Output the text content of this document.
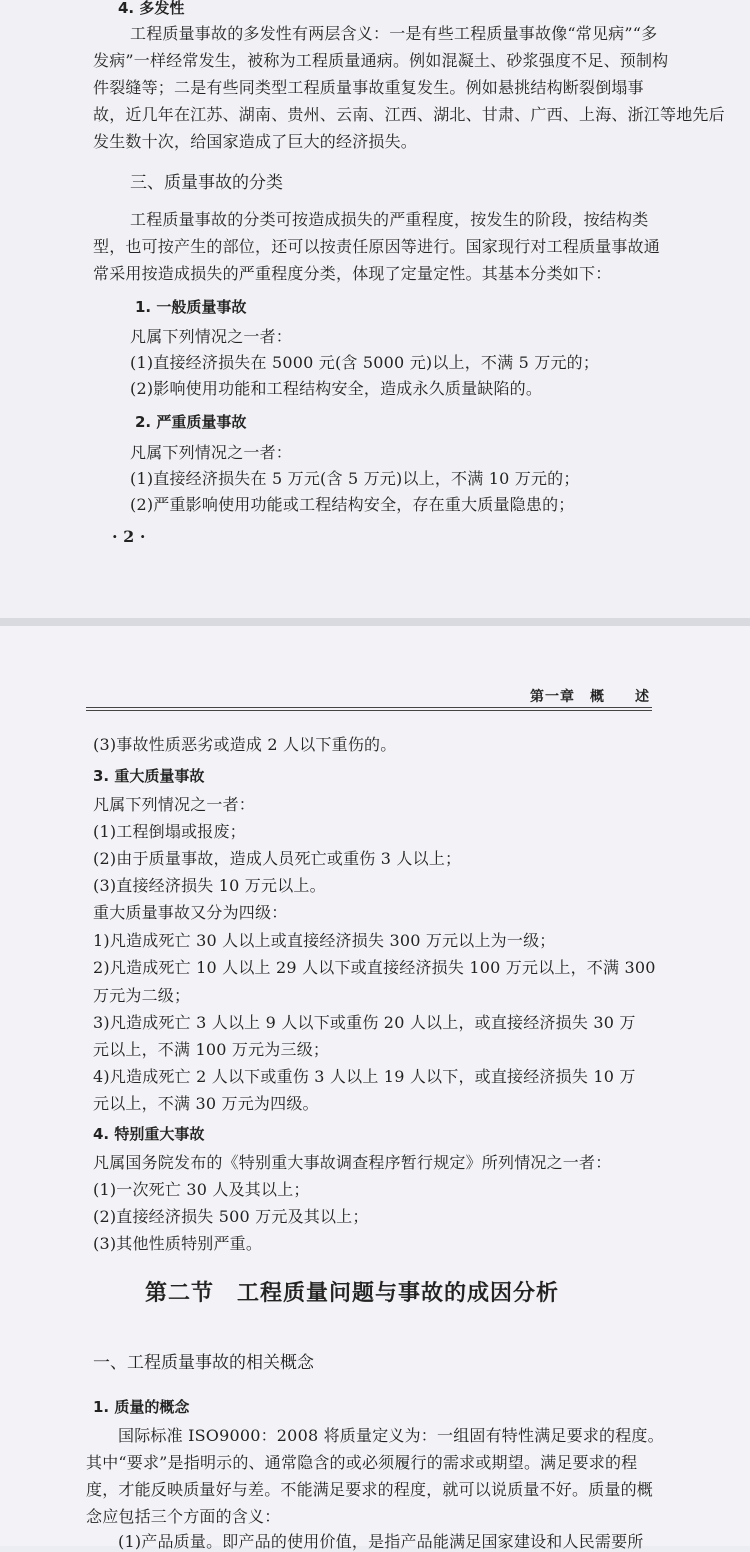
4. 多发性
工程质量事故的多发性有两层含义：一是有些工程质量事故像“常见病”“多
发病”一样经常发生，被称为工程质量通病。例如混凝土、砂浆强度不足、预制构
件裂缝等；二是有些同类型工程质量事故重复发生。例如悬挑结构断裂倒塌事
故，近几年在江苏、湖南、贵州、云南、江西、湖北、甘肃、广西、上海、浙江等地先后
发生数十次，给国家造成了巨大的经济损失。
三、质量事故的分类
工程质量事故的分类可按造成损失的严重程度，按发生的阶段，按结构类
型，也可按产生的部位，还可以按责任原因等进行。国家现行对工程质量事故通
常采用按造成损失的严重程度分类，体现了定量定性。其基本分类如下：
1. 一般质量事故
凡属下列情况之一者：
(1)直接经济损失在 5000 元(含 5000 元)以上，不满 5 万元的；
(2)影响使用功能和工程结构安全，造成永久质量缺陷的。
2. 严重质量事故
凡属下列情况之一者：
(1)直接经济损失在 5 万元(含 5 万元)以上，不满 10 万元的；
(2)严重影响使用功能或工程结构安全，存在重大质量隐患的；
· 2 ·
第一章　概　　述
(3)事故性质恶劣或造成 2 人以下重伤的。
3. 重大质量事故
凡属下列情况之一者：
(1)工程倒塌或报废；
(2)由于质量事故，造成人员死亡或重伤 3 人以上；
(3)直接经济损失 10 万元以上。
重大质量事故又分为四级：
1)凡造成死亡 30 人以上或直接经济损失 300 万元以上为一级；
2)凡造成死亡 10 人以上 29 人以下或直接经济损失 100 万元以上，不满 300
万元为二级；
3)凡造成死亡 3 人以上 9 人以下或重伤 20 人以上，或直接经济损失 30 万
元以上，不满 100 万元为三级；
4)凡造成死亡 2 人以下或重伤 3 人以上 19 人以下，或直接经济损失 10 万
元以上，不满 30 万元为四级。
4. 特别重大事故
凡属国务院发布的《特别重大事故调查程序暂行规定》所列情况之一者：
(1)一次死亡 30 人及其以上；
(2)直接经济损失 500 万元及其以上；
(3)其他性质特别严重。
第二节　工程质量问题与事故的成因分析
一、工程质量事故的相关概念
1. 质量的概念
国际标准 ISO9000：2008 将质量定义为：一组固有特性满足要求的程度。
其中“要求”是指明示的、通常隐含的或必须履行的需求或期望。满足要求的程
度，才能反映质量好与差。不能满足要求的程度，就可以说质量不好。质量的概
念应包括三个方面的含义：
(1)产品质量。即产品的使用价值，是指产品能满足国家建设和人民需要所
